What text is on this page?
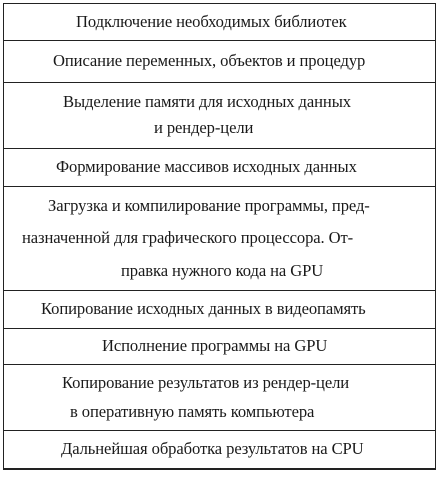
Подключение необходимых библиотек
Описание переменных, объектов и процедур
Выделение памяти для исходных данных
и рендер-цели
Формирование массивов исходных данных
Загрузка и компилирование программы, пред-
назначенной для графического процессора. От-
правка нужного кода на GPU
Копирование исходных данных в видеопамять
Исполнение программы на GPU
Копирование результатов из рендер-цели
в оперативную память компьютера
Дальнейшая обработка результатов на CPU
